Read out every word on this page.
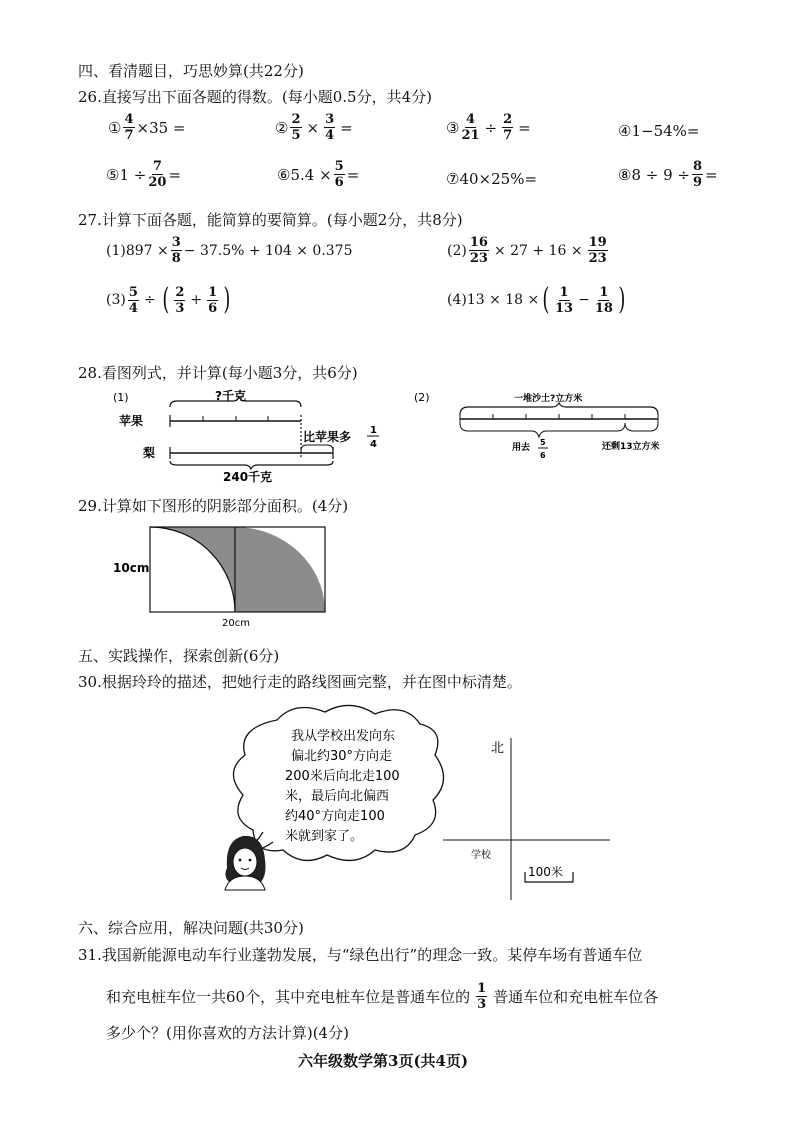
四、看清题目，巧思妙算(共22分)
26.直接写出下面各题的得数。(每小题0.5分，共4分)
① $\frac{4}{7} \times 35$ =	② $\frac{2}{5} \times \frac{3}{4}$ =	③ $\frac{4}{21} \div \frac{2}{7}$ =	④ 1−54%=
⑤ $1 \div \frac{7}{20}$ =	⑥ $5.4 \times \frac{5}{6}$ =	⑦ 40×25%=	⑧ $8 \div 9 \div \frac{8}{9}$ =
27.计算下面各题，能简算的要简算。(每小题2分，共8分)
$(1)897 \times \frac{3}{8} - 37.5\% + 104 \times 0.375$	$(2) \frac{16}{23} \times 27 + 16 \times \frac{19}{23}$
$(3) \frac{5}{4}$ ÷ ( $\frac{2}{3} + \frac{1}{6}$ )	(4)13 × 18 × ( $\frac{1}{13} - \frac{1}{18}$ )
28.看图列式，并计算(每小题3分，共6分)
(1)	?千克
苹果
比苹果多 1
4
梨
240千克
(2)	一堆沙土?立方米
用去
5
6
还剩13立方米
29.计算如下图形的阴影部分面积。(4分)
10cm
20cm
五、实践操作，探索创新(6分)
30.根据玲玲的描述，把她行走的路线图画完整，并在图中标清楚。
我从学校出发向东
偏北约30°方向走
200米后向北走100
米，最后向北偏西
约40°方向走100
米就到家了。
北
学校
100米
六、综合应用，解决问题(共30分)
31.我国新能源电动车行业蓬勃发展，与“绿色出行”的理念一致。某停车场有普通车位
和充电桩车位一共60个，其中充电桩车位是普通车位的 $\frac{1}{3}$ 普通车位和充电桩车位各
多少个？(用你喜欢的方法计算)(4分)
六年级数学第3页(共4页)
